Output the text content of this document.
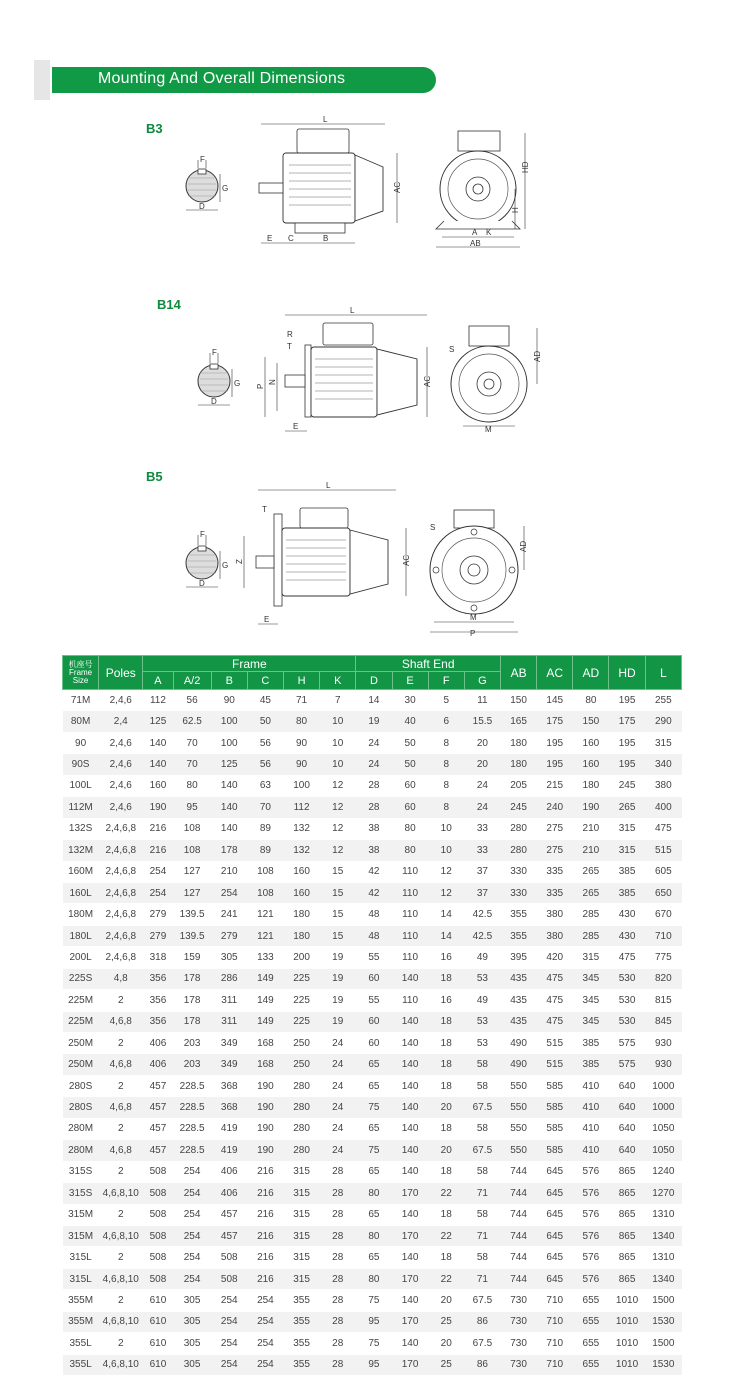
Mounting And Overall Dimensions
B3
B14
B5
F
G
D
L
AC
E C	B
HD
H
A K
AB
F
G
D
L
R
T
P
N	AC
E
S
AD
M
F
G
D
L
T
Z	AC
E
S
AD
M
P
机座号
Frame
Size	Poles	Frame						Shaft End				AB	AC	AD	HD	L
		A	A/2	B	C	H	K	D	E	F	G					
71M	2,4,6	112	56	90	45	71	7	14	30	5	11	150	145	80	195	255
80M	2,4	125	62.5	100	50	80	10	19	40	6	15.5	165	175	150	175	290
90	2,4,6	140	70	100	56	90	10	24	50	8	20	180	195	160	195	315
90S	2,4,6	140	70	125	56	90	10	24	50	8	20	180	195	160	195	340
100L	2,4,6	160	80	140	63	100	12	28	60	8	24	205	215	180	245	380
112M	2,4,6	190	95	140	70	112	12	28	60	8	24	245	240	190	265	400
132S	2,4,6,8	216	108	140	89	132	12	38	80	10	33	280	275	210	315	475
132M	2,4,6,8	216	108	178	89	132	12	38	80	10	33	280	275	210	315	515
160M	2,4,6,8	254	127	210	108	160	15	42	110	12	37	330	335	265	385	605
160L	2,4,6,8	254	127	254	108	160	15	42	110	12	37	330	335	265	385	650
180M	2,4,6,8	279	139.5	241	121	180	15	48	110	14	42.5	355	380	285	430	670
180L	2,4,6,8	279	139.5	279	121	180	15	48	110	14	42.5	355	380	285	430	710
200L	2,4,6,8	318	159	305	133	200	19	55	110	16	49	395	420	315	475	775
225S	4,8	356	178	286	149	225	19	60	140	18	53	435	475	345	530	820
225M	2	356	178	311	149	225	19	55	110	16	49	435	475	345	530	815
225M	4,6,8	356	178	311	149	225	19	60	140	18	53	435	475	345	530	845
250M	2	406	203	349	168	250	24	60	140	18	53	490	515	385	575	930
250M	4,6,8	406	203	349	168	250	24	65	140	18	58	490	515	385	575	930
280S	2	457	228.5	368	190	280	24	65	140	18	58	550	585	410	640	1000
280S	4,6,8	457	228.5	368	190	280	24	75	140	20	67.5	550	585	410	640	1000
280M	2	457	228.5	419	190	280	24	65	140	18	58	550	585	410	640	1050
280M	4,6,8	457	228.5	419	190	280	24	75	140	20	67.5	550	585	410	640	1050
315S	2	508	254	406	216	315	28	65	140	18	58	744	645	576	865	1240
315S	4,6,8,10	508	254	406	216	315	28	80	170	22	71	744	645	576	865	1270
315M	2	508	254	457	216	315	28	65	140	18	58	744	645	576	865	1310
315M	4,6,8,10	508	254	457	216	315	28	80	170	22	71	744	645	576	865	1340
315L	2	508	254	508	216	315	28	65	140	18	58	744	645	576	865	1310
315L	4,6,8,10	508	254	508	216	315	28	80	170	22	71	744	645	576	865	1340
355M	2	610	305	254	254	355	28	75	140	20	67.5	730	710	655	1010	1500
355M	4,6,8,10	610	305	254	254	355	28	95	170	25	86	730	710	655	1010	1530
355L	2	610	305	254	254	355	28	75	140	20	67.5	730	710	655	1010	1500
355L	4,6,8,10	610	305	254	254	355	28	95	170	25	86	730	710	655	1010	1530
